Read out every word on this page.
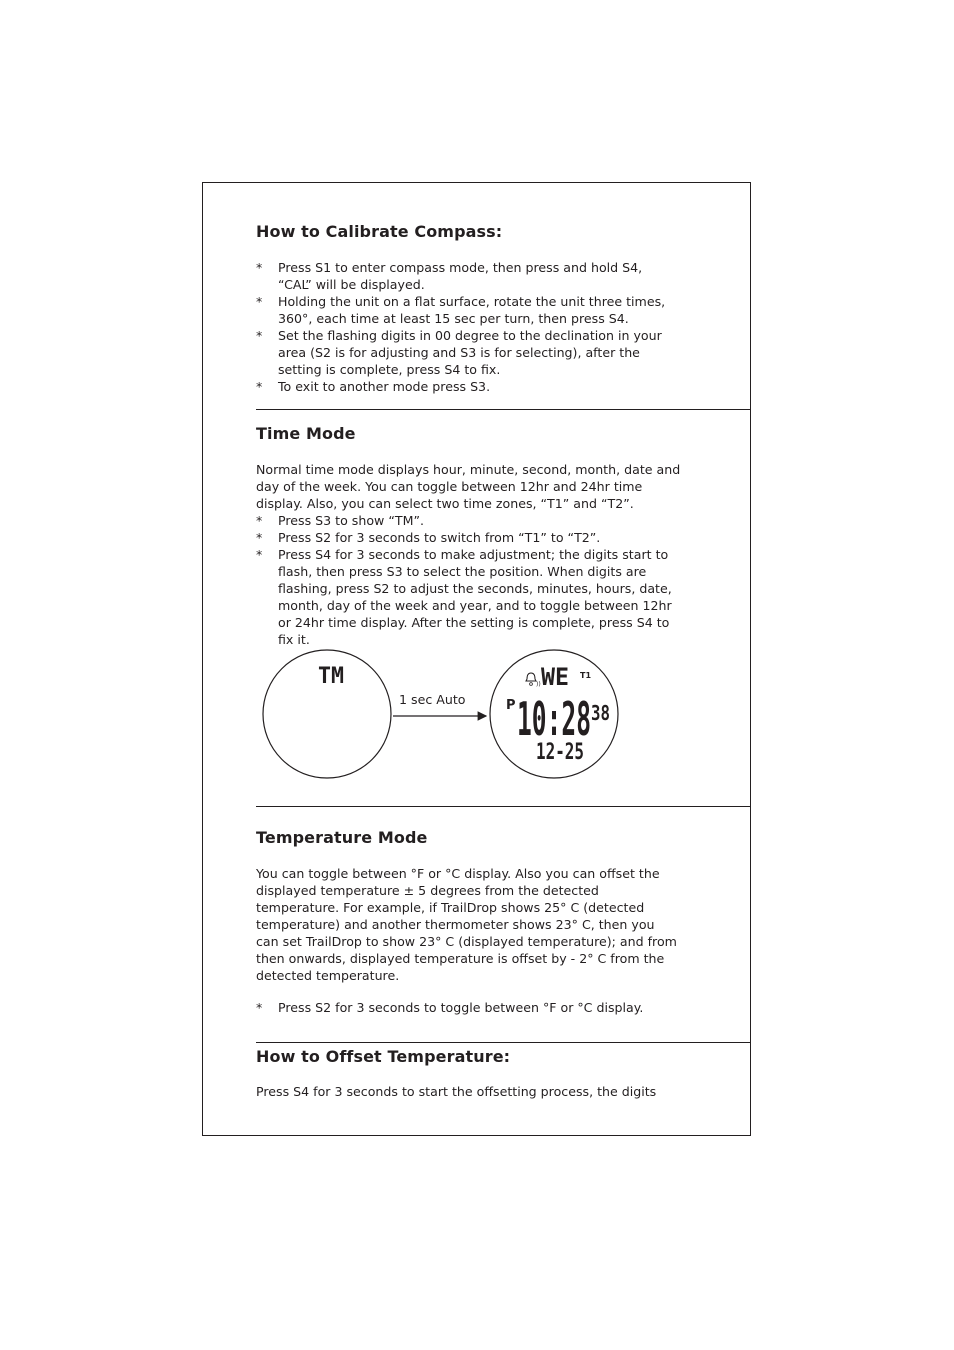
How to Calibrate Compass:
* Press S1 to enter compass mode, then press and hold S4,
“CAL” will be displayed.
* Holding the unit on a flat surface, rotate the unit three times,
360°, each time at least 15 sec per turn, then press S4.
* Set the flashing digits in 00 degree to the declination in your
area (S2 is for adjusting and S3 is for selecting), after the
setting is complete, press S4 to fix.
* To exit to another mode press S3.
Time Mode

Normal time mode displays hour, minute, second, month, date and
day of the week. You can toggle between 12hr and 24hr time
display. Also, you can select two time zones, “T1” and “T2”.

* Press S3 to show “TM”.
* Press S2 for 3 seconds to switch from “T1” to “T2”.
* Press S4 for 3 seconds to make adjustment; the digits start to
flash, then press S3 to select the position. When digits are
flashing, press S2 to adjust the seconds, minutes, hours, date,
month, day of the week and year, and to toggle between 12hr
or 24hr time display. After the setting is complete, press S4 to
fix it.
TM
1 sec Auto
)) WE T1
P 10:28 38
12-25
Temperature Mode

You can toggle between °F or °C display. Also you can offset the
displayed temperature ± 5 degrees from the detected
temperature. For example, if TrailDrop shows 25° C (detected
temperature) and another thermometer shows 23° C, then you
can set TrailDrop to show 23° C (displayed temperature); and from
then onwards, displayed temperature is offset by - 2° C from the
detected temperature.

* Press S2 for 3 seconds to toggle between °F or °C display.
How to Offset Temperature:

Press S4 for 3 seconds to start the offsetting process, the digits
